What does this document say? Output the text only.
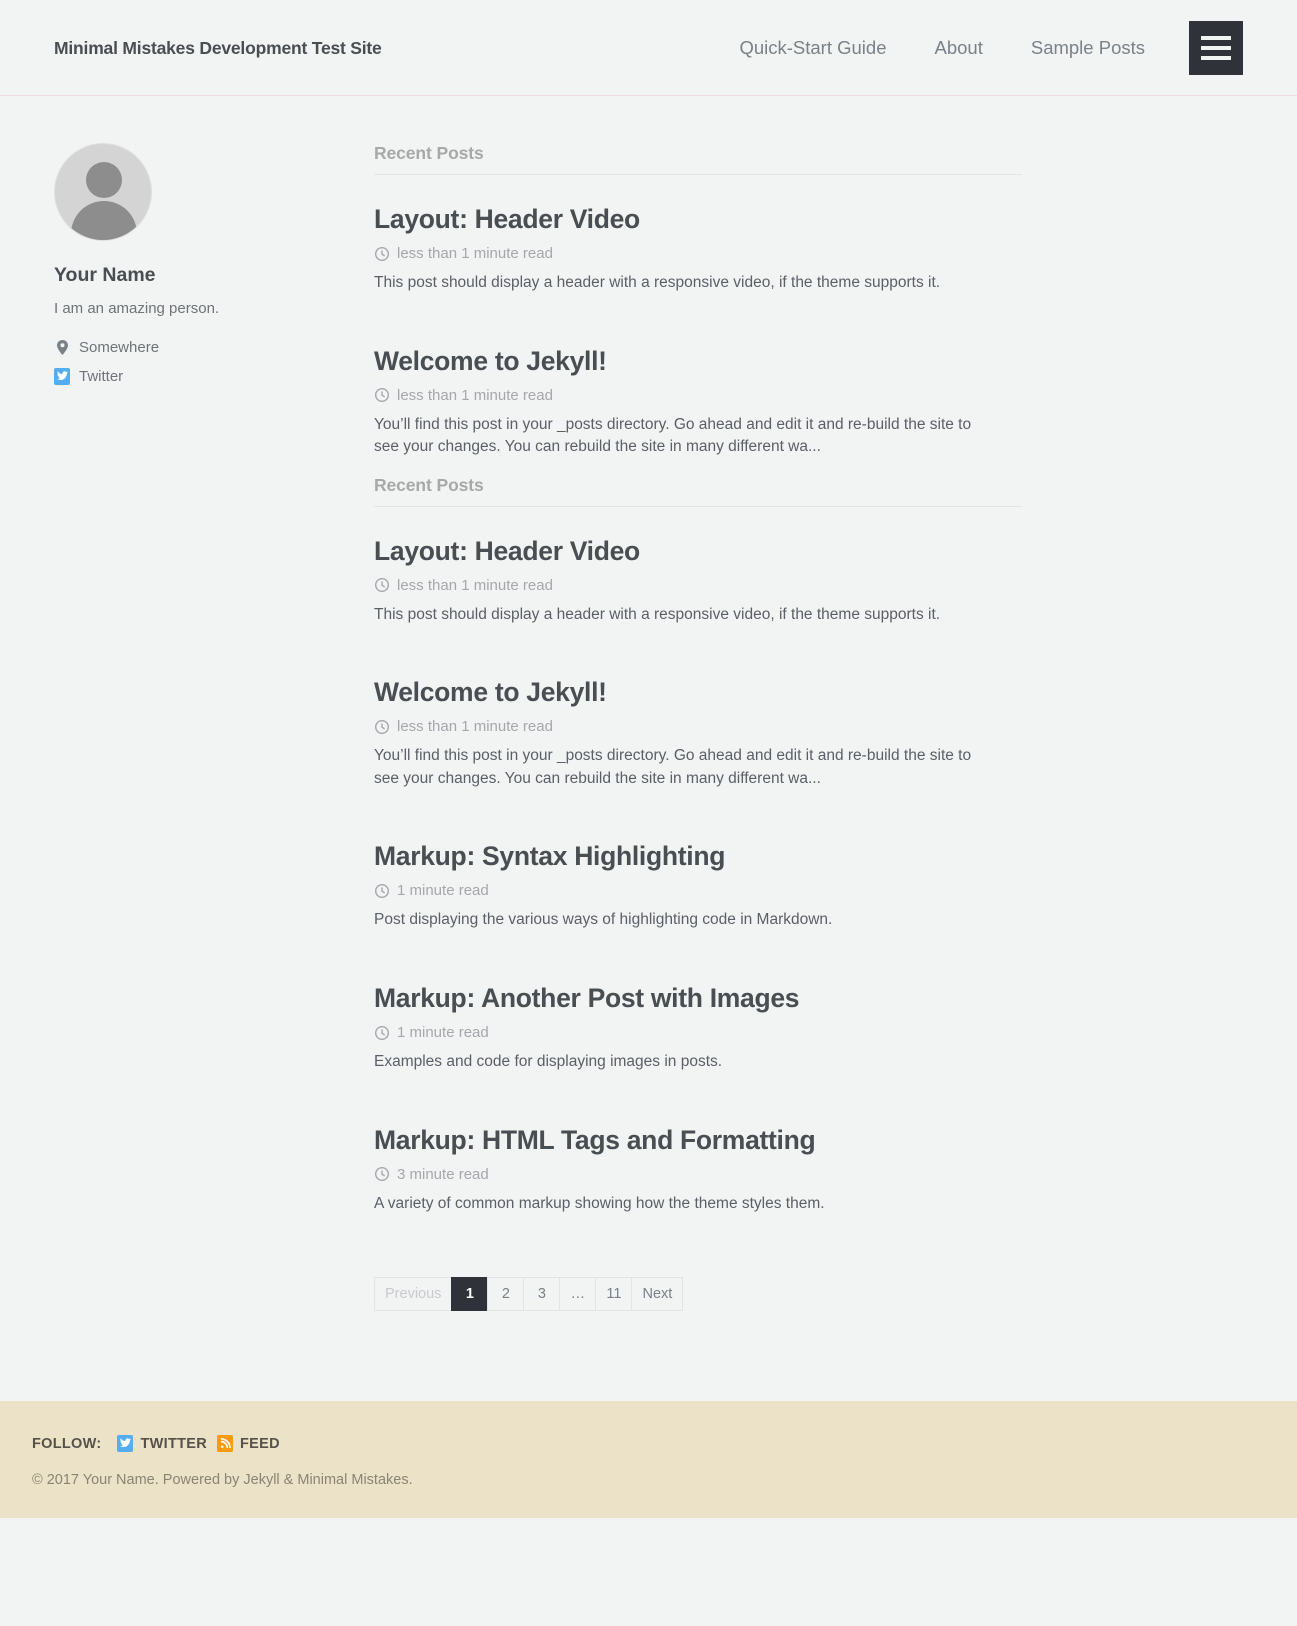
Minimal Mistakes Development Test Site	Quick-Start Guide	About	Sample Posts
Your Name

I am an amazing person.

Somewhere
Twitter
Recent Posts
Layout: Header Video

less than 1 minute read

This post should display a header with a responsive video, if the theme supports it.

Welcome to Jekyll!

less than 1 minute read

You’ll find this post in your _posts directory. Go ahead and edit it and re-build the site to see your changes. You can rebuild the site in many different wa...

Recent Posts
Layout: Header Video

less than 1 minute read

This post should display a header with a responsive video, if the theme supports it.

Welcome to Jekyll!

less than 1 minute read

You’ll find this post in your _posts directory. Go ahead and edit it and re-build the site to see your changes. You can rebuild the site in many different wa...

Markup: Syntax Highlighting

1 minute read

Post displaying the various ways of highlighting code in Markdown.

Markup: Another Post with Images

1 minute read

Examples and code for displaying images in posts.

Markup: HTML Tags and Formatting

3 minute read

A variety of common markup showing how the theme styles them.

Previous	1	2	3	…	11	Next
FOLLOW:	TWITTER FEED
© 2017 Your Name. Powered by Jekyll & Minimal Mistakes.
